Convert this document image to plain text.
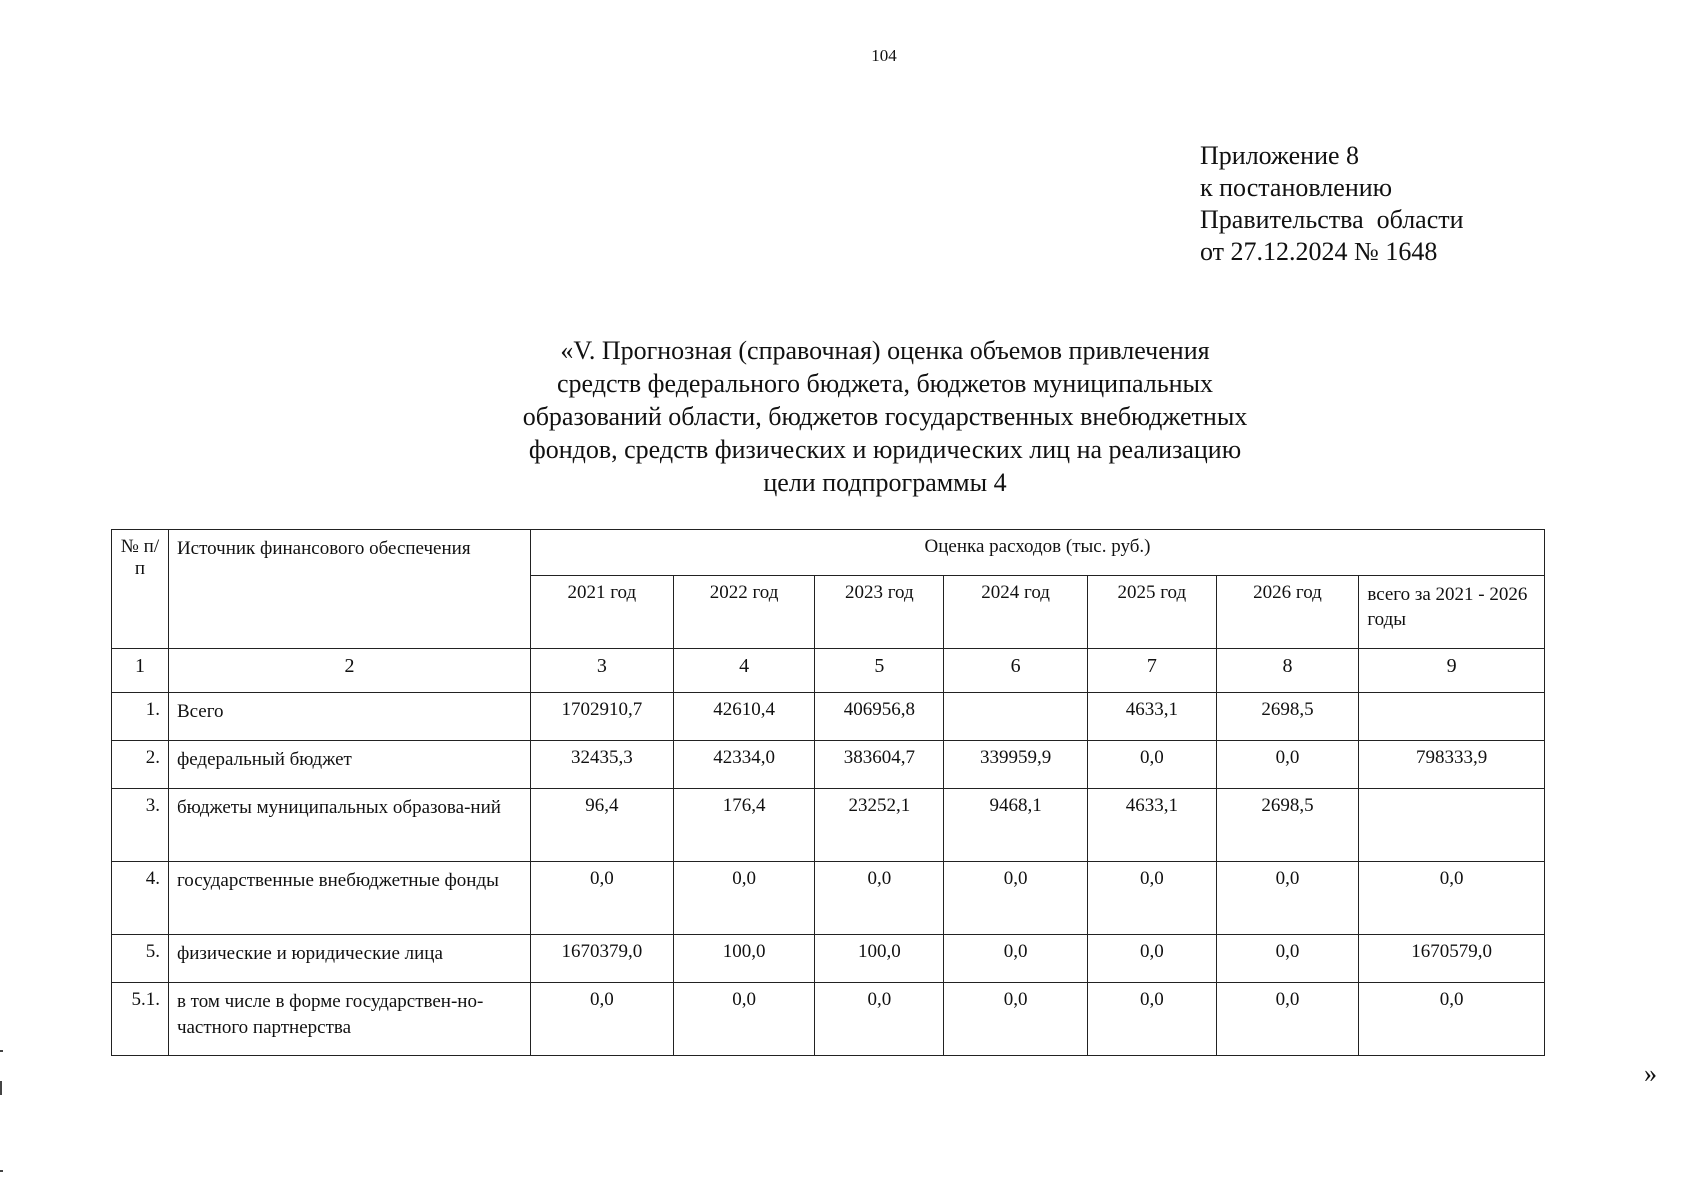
104
Приложение 8
к постановлению
Правительства  области
от 27.12.2024 № 1648
«V. Прогнозная (справочная) оценка объемов привлечения
средств федерального бюджета, бюджетов муниципальных
образований области, бюджетов государственных внебюджетных
фондов, средств физических и юридических лиц на реализацию
цели подпрограммы 4
№ п/п	Источник финансового обеспечения	Оценка расходов (тыс. руб.)						
		2021 год	2022 год	2023 год	2024 год	2025 год	2026 год	всего за 2021 - 2026 годы
1	2	3	4	5	6	7	8	9
1.	Всего	1702910,7	42610,4	406956,8		4633,1	2698,5	
2.	федеральный бюджет	32435,3	42334,0	383604,7	339959,9	0,0	0,0	798333,9
3.	бюджеты муниципальных образова-ний	96,4	176,4	23252,1	9468,1	4633,1	2698,5	
4.	государственные внебюджетные фонды	0,0	0,0	0,0	0,0	0,0	0,0	0,0
5.	физические и юридические лица	1670379,0	100,0	100,0	0,0	0,0	0,0	1670579,0
5.1.	в том числе в форме государствен-но-частного партнерства	0,0	0,0	0,0	0,0	0,0	0,0	0,0
»
